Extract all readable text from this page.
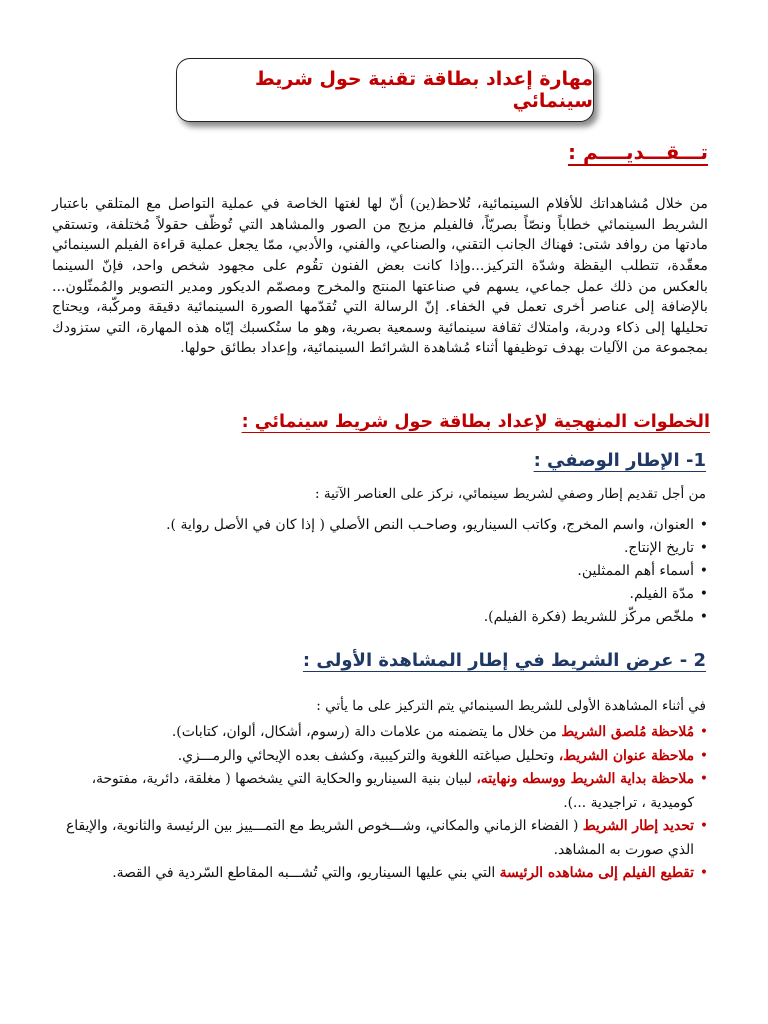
مهارة إعداد بطاقة تقنية حول شريط سينمائي
تـــقـــديــــم :

من خلال مُشاهداتك للأفلام السينمائية، تُلاحظ(ين) أنّ لها لغتها الخاصة في عملية التواصل مع المتلقي باعتبار الشريط السينمائي خطاباً ونصّاً بصريّاً، فالفيلم مزيج من الصور والمشاهد التي تُوظّف حقولاً مُختلفة، وتستقي مادتها من روافد شتى: فهناك الجانب التقني، والصناعي، والفني، والأدبي، ممّا يجعل عملية قراءة الفيلم السينمائي معقّدة، تتطلب اليقظة وشدّة التركيز...وإذا كانت بعض الفنون تقُوم على مجهود شخص واحد، فإنّ السينما بالعكس من ذلك عمل جماعي، يسهم في صناعتها المنتج والمخرج ومصمّم الديكور ومدير التصوير والمُمثّلون... بالإضافة إلى عناصر أخرى تعمل في الخفاء. إنّ الرسالة التي تُقدّمها الصورة السينمائية دقيقة ومركّبة، ويحتاج تحليلها إلى ذكاء ودربة، وامتلاك ثقافة سينمائية وسمعية بصرية، وهو ما ستُكسبك إيّاه هذه المهارة، التي ستزودك بمجموعة من الآليات بهدف توظيفها أثناء مُشاهدة الشرائط السينمائية، وإعداد بطائق حولها.

الخطوات المنهجية لإعداد بطاقة حول شريط سينمائي :
1- الإطار الوصفي :
من أجل تقديم إطار وصفي لشريط سينمائي، نركز على العناصر الآتية :
• العنوان، واسم المخرج، وكاتب السيناريو، وصاحـب النص الأصلي ( إذا كان في الأصل رواية ).
• تاريخ الإنتاج.
• أسماء أهم الممثلين.
• مدّة الفيلم.
• ملخّص مركّز للشريط (فكرة الفيلم).
2 - عرض الشريط في إطار المشاهدة الأولى :
في أثناء المشاهدة الأولى للشريط السينمائي يتم التركيز على ما يأتي :
• مُلاحظة مُلصق الشريط من خلال ما يتضمنه من علامات دالة (رسوم، أشكال، ألوان، كتابات).
• ملاحظة عنوان الشريط، وتحليل صياغته اللغوية والتركيبية، وكشف بعده الإيحائي والرمـــزي.
• ملاحظة بداية الشريط ووسطه ونهايته، لبيان بنية السيناريو والحكاية التي يشخصها ( مغلقة، دائرية، مفتوحة، كوميدية ، تراجيدية ...).
• تحديد إطار الشريط ( الفضاء الزماني والمكاني، وشـــخوص الشريط مع التمـــييز بين الرئيسة والثانوية، والإيقاع الذي صورت به المشاهد.
• تقطيع الفيلم إلى مشاهده الرئيسة التي بني عليها السيناريو، والتي تُشـــبه المقاطع السّردية في القصة.
